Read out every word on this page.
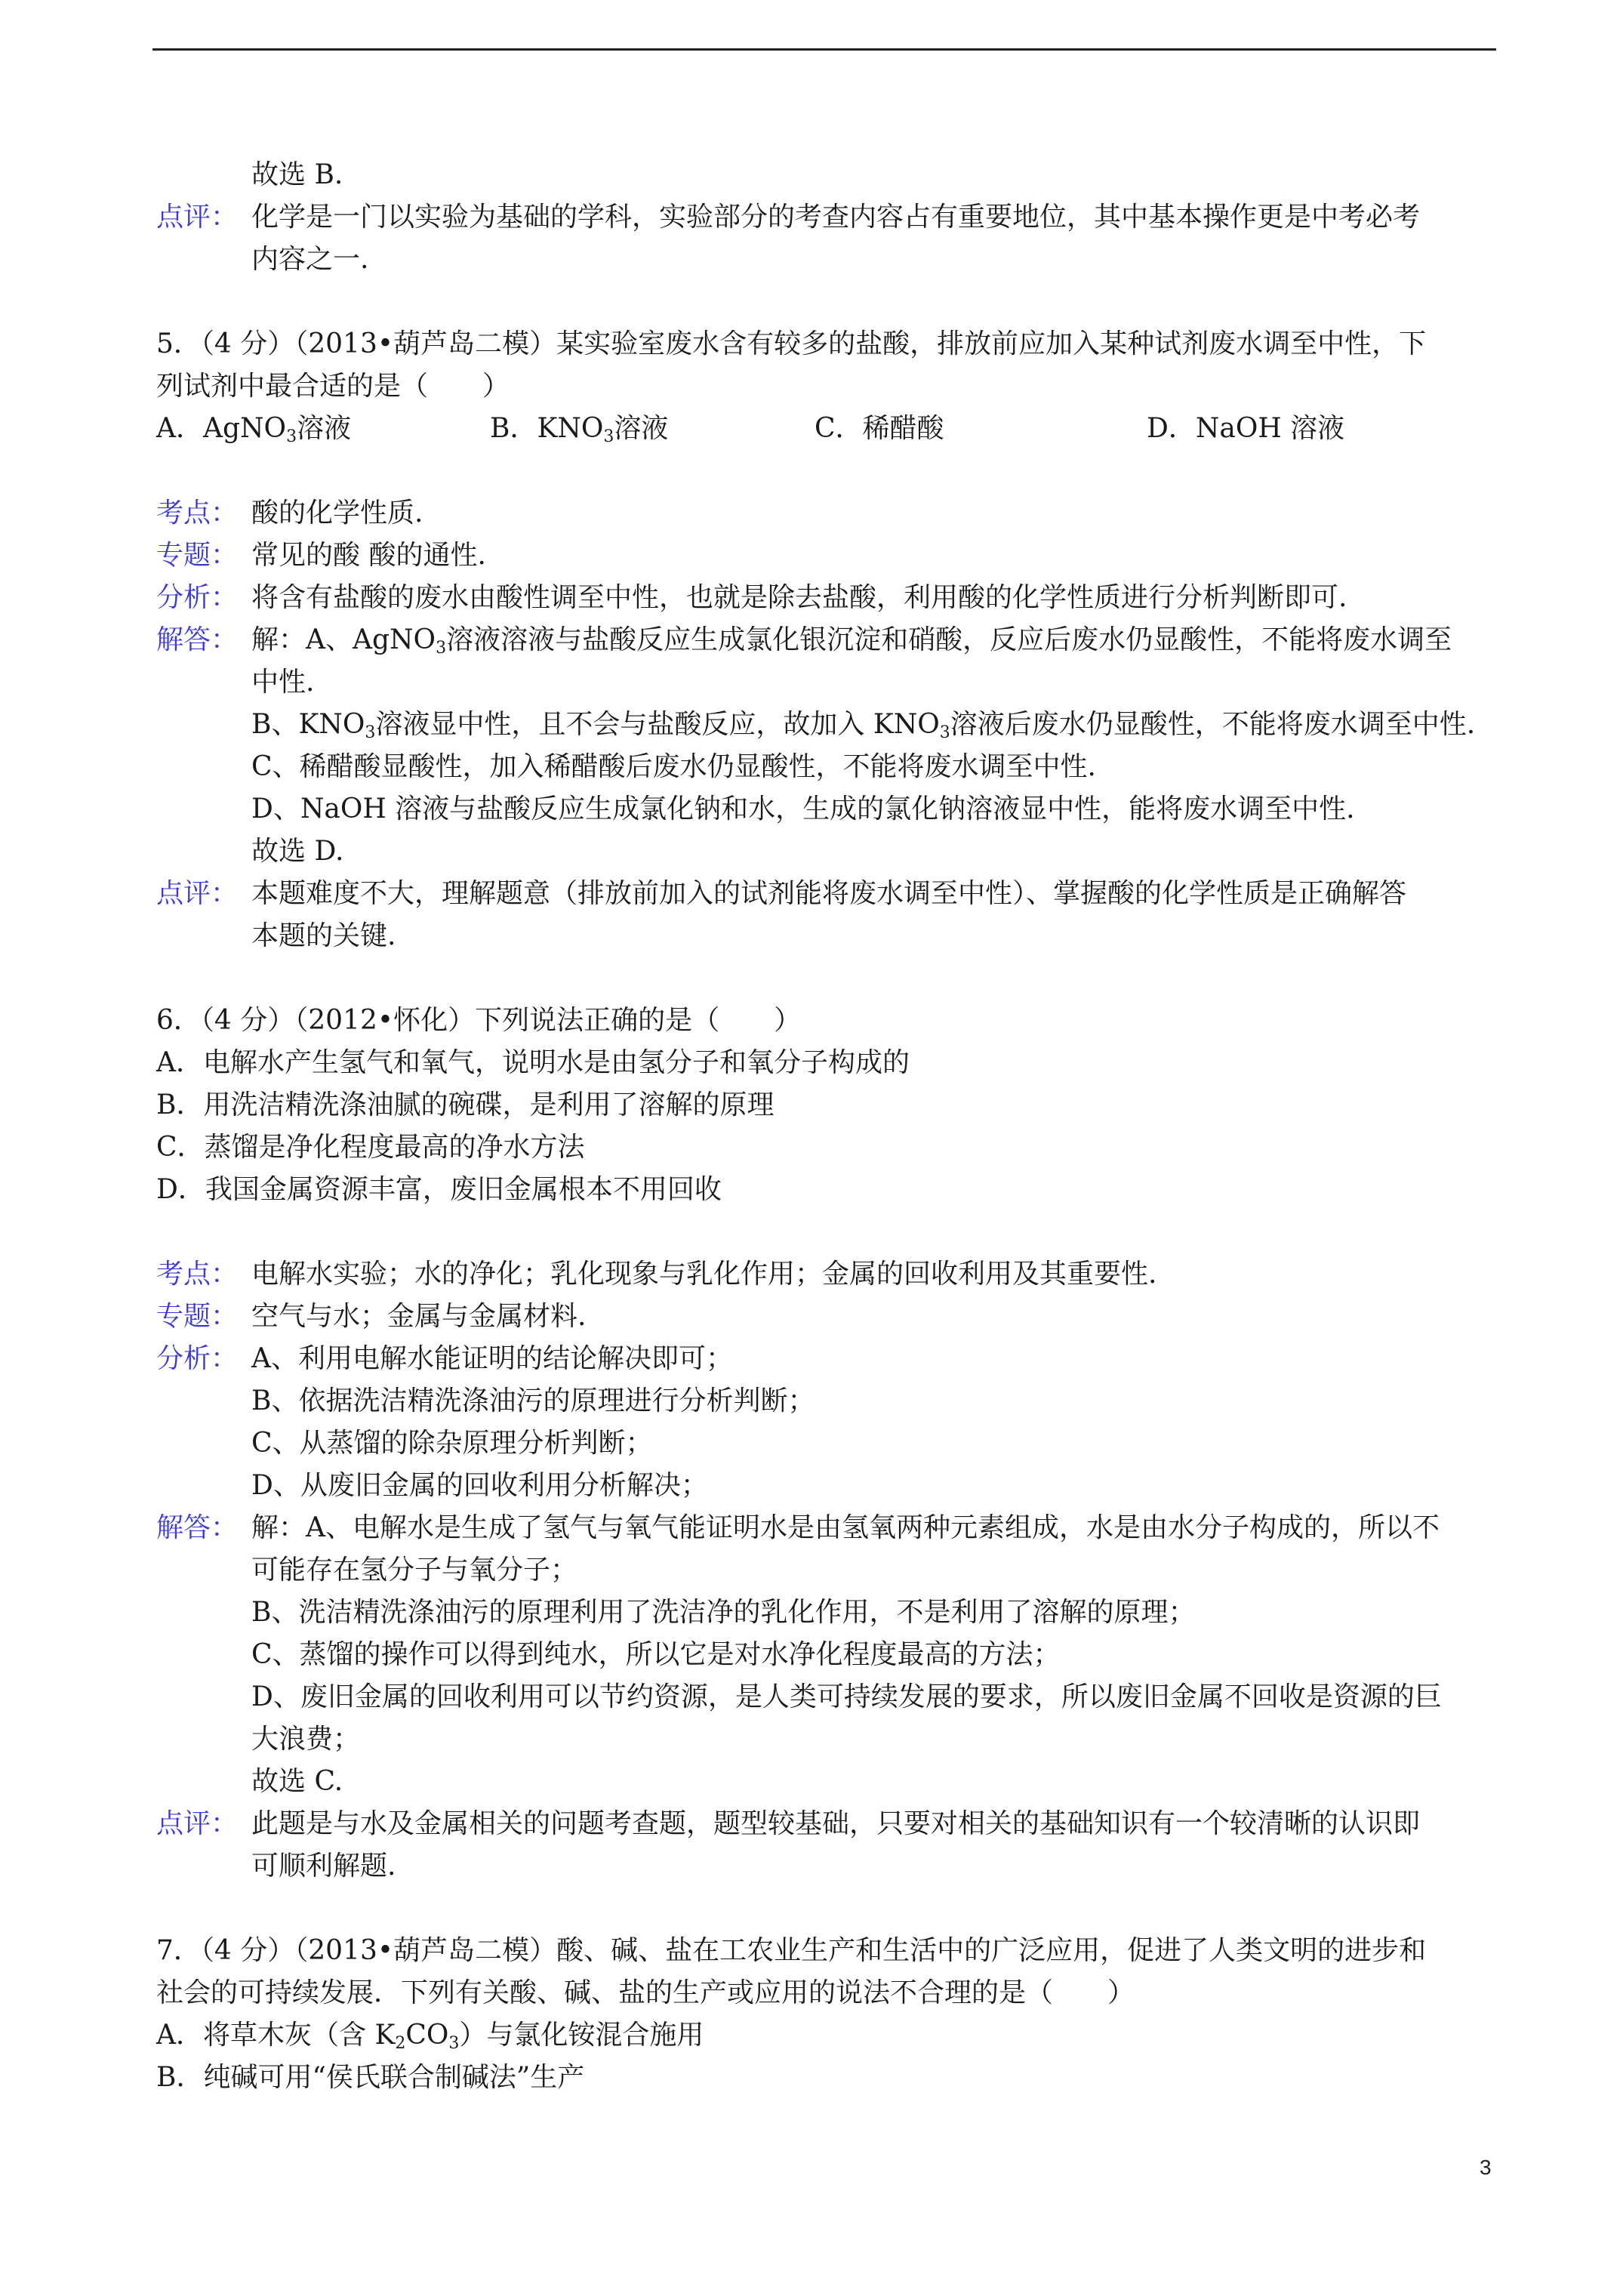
故选 B.
点评： 化学是一门以实验为基础的学科，实验部分的考查内容占有重要地位，其中基本操作更是中考必考
内容之一.
5．（4 分）（2013•葫芦岛二模）某实验室废水含有较多的盐酸，排放前应加入某种试剂废水调至中性，下
列试剂中最合适的是（　　）
A．AgNO$_3$溶液	B．$KNO_3$溶液	C．稀醋酸	D．NaOH 溶液
考点： 酸的化学性质.
专题： 常见的酸 酸的通性.
分析： 将含有盐酸的废水由酸性调至中性，也就是除去盐酸，利用酸的化学性质进行分析判断即可.
解答： 解：A、AgNO$_3$溶液溶液与盐酸反应生成氯化银沉淀和硝酸，反应后废水仍显酸性，不能将废水调至
中性.
B、$KNO_3$溶液显中性，且不会与盐酸反应，故加入 $KNO_3$溶液后废水仍显酸性，不能将废水调至中性.
C、稀醋酸显酸性，加入稀醋酸后废水仍显酸性，不能将废水调至中性.
D、NaOH 溶液与盐酸反应生成氯化钠和水，生成的氯化钠溶液显中性，能将废水调至中性.
故选 D.
点评： 本题难度不大，理解题意（排放前加入的试剂能将废水调至中性）、掌握酸的化学性质是正确解答
本题的关键.
6．（4 分）（2012•怀化）下列说法正确的是（　　）
A．电解水产生氢气和氧气，说明水是由氢分子和氧分子构成的
B．用洗洁精洗涤油腻的碗碟，是利用了溶解的原理
C．蒸馏是净化程度最高的净水方法
D．我国金属资源丰富，废旧金属根本不用回收
考点： 电解水实验；水的净化；乳化现象与乳化作用；金属的回收利用及其重要性.
专题： 空气与水；金属与金属材料.
分析： A、利用电解水能证明的结论解决即可；
B、依据洗洁精洗涤油污的原理进行分析判断；
C、从蒸馏的除杂原理分析判断；
D、从废旧金属的回收利用分析解决；
解答： 解：A、电解水是生成了氢气与氧气能证明水是由氢氧两种元素组成，水是由水分子构成的，所以不
可能存在氢分子与氧分子；
B、洗洁精洗涤油污的原理利用了洗洁净的乳化作用，不是利用了溶解的原理；
C、蒸馏的操作可以得到纯水，所以它是对水净化程度最高的方法；
D、废旧金属的回收利用可以节约资源，是人类可持续发展的要求，所以废旧金属不回收是资源的巨
大浪费；
故选 C.
点评： 此题是与水及金属相关的问题考查题，题型较基础，只要对相关的基础知识有一个较清晰的认识即
可顺利解题.
7．（4 分）（2013•葫芦岛二模）酸、碱、盐在工农业生产和生活中的广泛应用，促进了人类文明的进步和
社会的可持续发展．下列有关酸、碱、盐的生产或应用的说法不合理的是（　　）
A．将草木灰（含 $K_2CO_3$）与氯化铵混合施用
B．纯碱可用“侯氏联合制碱法”生产
3
